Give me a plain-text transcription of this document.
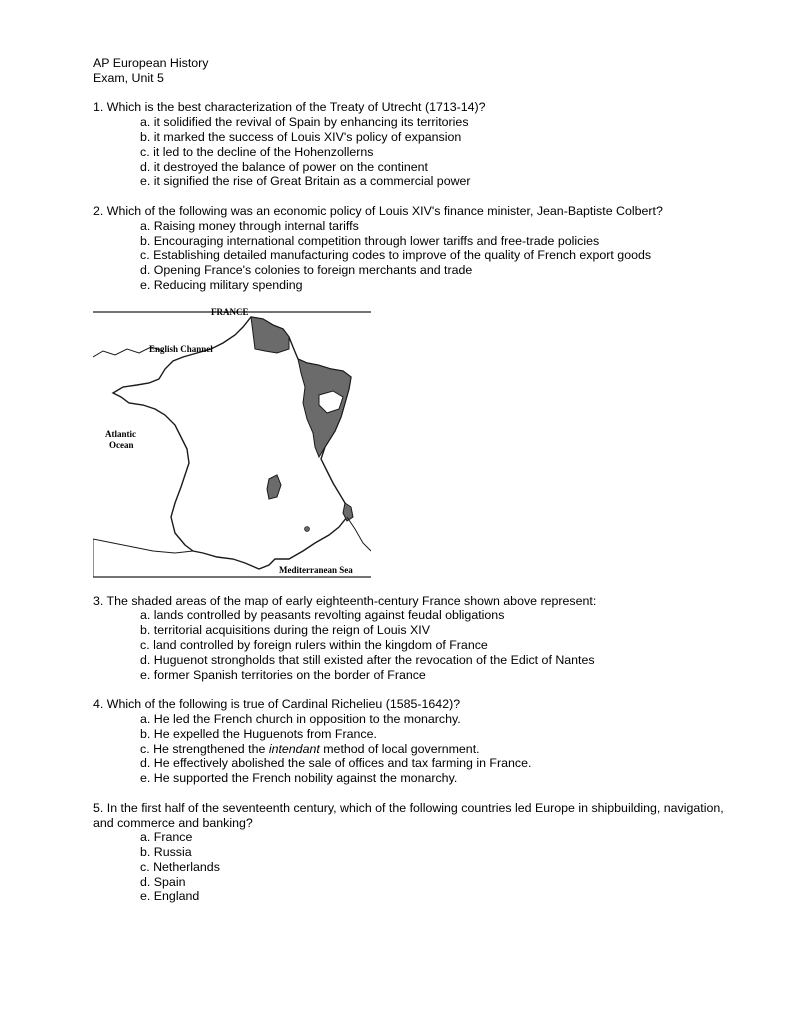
AP European History
Exam, Unit 5
1. Which is the best characterization of the Treaty of Utrecht (1713-14)?
a. it solidified the revival of Spain by enhancing its territories
b. it marked the success of Louis XIV's policy of expansion
c. it led to the decline of the Hohenzollerns
d. it destroyed the balance of power on the continent
e. it signified the rise of Great Britain as a commercial power
2. Which of the following was an economic policy of Louis XIV's finance minister, Jean-Baptiste Colbert?
a. Raising money through internal tariffs
b. Encouraging international competition through lower tariffs and free-trade policies
c. Establishing detailed manufacturing codes to improve of the quality of French export goods
d. Opening France's colonies to foreign merchants and trade
e. Reducing military spending
FRANCE
English Channel
Atlantic
Ocean
Mediterranean Sea
3. The shaded areas of the map of early eighteenth-century France shown above represent:
a. lands controlled by peasants revolting against feudal obligations
b. territorial acquisitions during the reign of Louis XIV
c. land controlled by foreign rulers within the kingdom of France
d. Huguenot strongholds that still existed after the revocation of the Edict of Nantes
e. former Spanish territories on the border of France
4. Which of the following is true of Cardinal Richelieu (1585-1642)?
a. He led the French church in opposition to the monarchy.
b. He expelled the Huguenots from France.
c. He strengthened the intendant method of local government.
d. He effectively abolished the sale of offices and tax farming in France.
e. He supported the French nobility against the monarchy.
5. In the first half of the seventeenth century, which of the following countries led Europe in shipbuilding, navigation, and commerce and banking?
a. France
b. Russia
c. Netherlands
d. Spain
e. England
